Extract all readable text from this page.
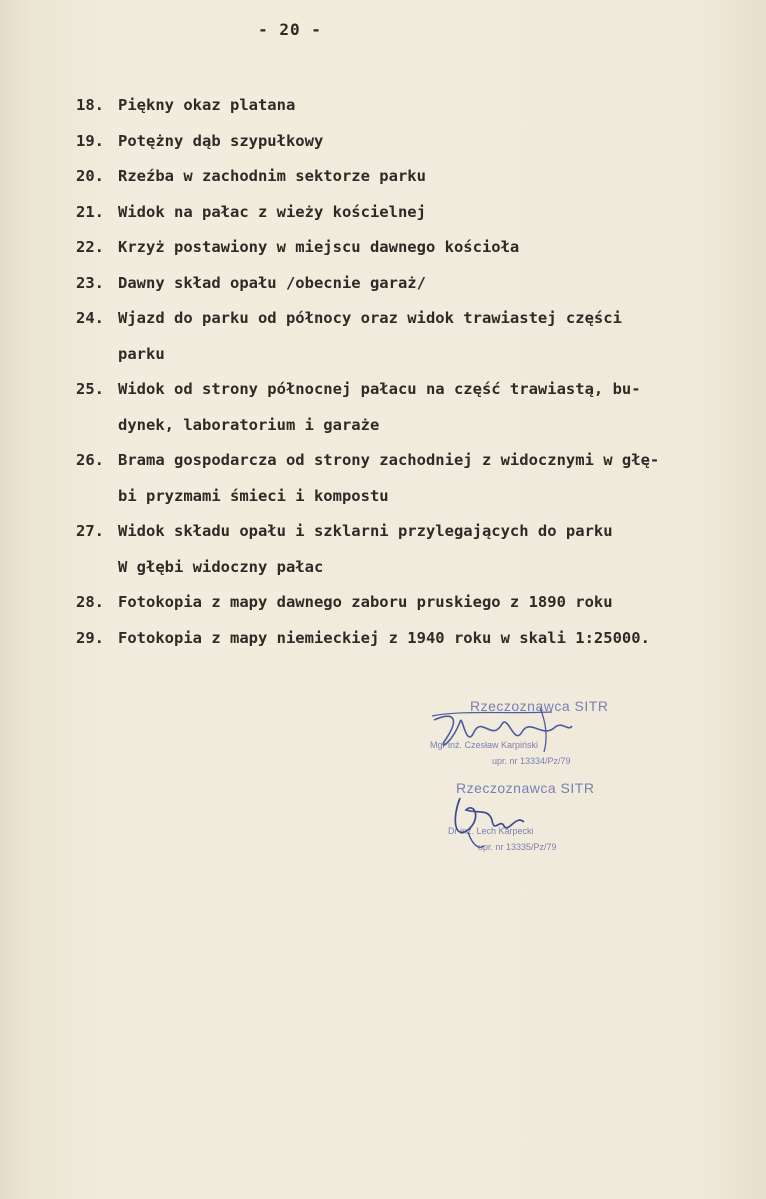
- 20 -
18. Piękny okaz platana
19. Potężny dąb szypułkowy
20. Rzeźba w zachodnim sektorze parku
21. Widok na pałac z wieży kościelnej
22. Krzyż postawiony w miejscu dawnego kościoła
23. Dawny skład opału /obecnie garaż/
24. Wjazd do parku od północy oraz widok trawiastej części
parku
25. Widok od strony północnej pałacu na część trawiastą, bu-
dynek, laboratorium i garaże
26. Brama gospodarcza od strony zachodniej z widocznymi w głę-
bi pryzmami śmieci i kompostu
27. Widok składu opału i szklarni przylegających do parku
W głębi widoczny pałac
28. Fotokopia z mapy dawnego zaboru pruskiego z 1890 roku
29. Fotokopia z mapy niemieckiej z 1940 roku w skali 1:25000.
Rzeczoznawca SITR
Mgr inż. Czesław Karpiński
upr. nr 13334/Pz/79
Rzeczoznawca SITR
Dr inż. Lech Karpecki
upr. nr 13335/Pz/79
